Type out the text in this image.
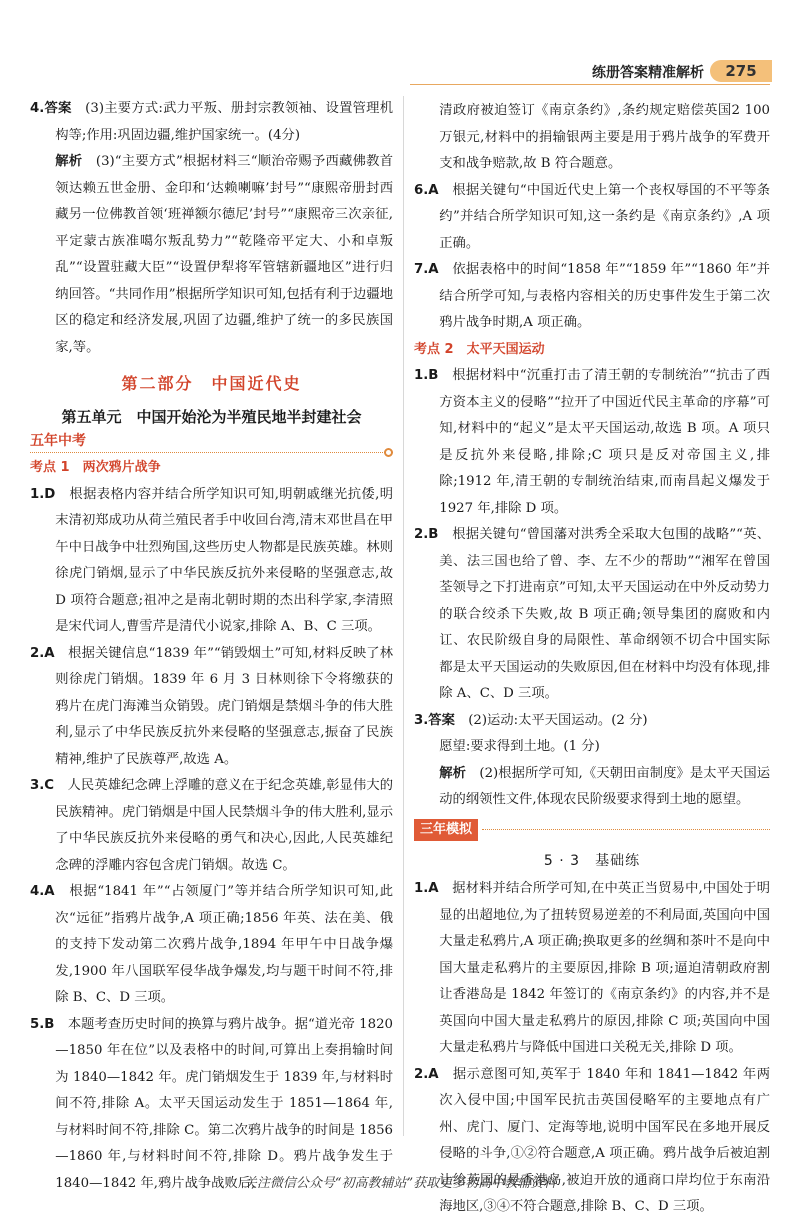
练册答案精准解析	275

4.答案　 (3)主要方式:武力平叛、册封宗教领袖、设置管理机构等;作用:巩固边疆,维护国家统一。(4分)

解析　 (3)“主要方式”根据材料三“顺治帝赐予西藏佛教首领达赖五世金册、金印和‘达赖喇嘛’封号”“康熙帝册封西藏另一位佛教首领‘班禅额尔德尼’封号”“康熙帝三次亲征,平定蒙古族准噶尔叛乱势力”“乾隆帝平定大、小和卓叛乱”“设置驻藏大臣”“设置伊犁将军管辖新疆地区”进行归纳回答。“共同作用”根据所学知识可知,包括有利于边疆地区的稳定和经济发展,巩固了边疆,维护了统一的多民族国家,等。

第二部分　中国近代史
第五单元　中国开始沦为半殖民地半封建社会
五年中考
考点 1　两次鸦片战争

1.D　 根据表格内容并结合所学知识可知,明朝戚继光抗倭,明末清初郑成功从荷兰殖民者手中收回台湾,清末邓世昌在甲午中日战争中壮烈殉国,这些历史人物都是民族英雄。林则徐虎门销烟,显示了中华民族反抗外来侵略的坚强意志,故 D 项符合题意;祖冲之是南北朝时期的杰出科学家,李清照是宋代词人,曹雪芹是清代小说家,排除 A、B、C 三项。

2.A　 根据关键信息“1839 年”“销毁烟土”可知,材料反映了林则徐虎门销烟。1839 年 6 月 3 日林则徐下令将缴获的鸦片在虎门海滩当众销毁。虎门销烟是禁烟斗争的伟大胜利,显示了中华民族反抗外来侵略的坚强意志,振奋了民族精神,维护了民族尊严,故选 A。

3.C　 人民英雄纪念碑上浮雕的意义在于纪念英雄,彰显伟大的民族精神。虎门销烟是中国人民禁烟斗争的伟大胜利,显示了中华民族反抗外来侵略的勇气和决心,因此,人民英雄纪念碑的浮雕内容包含虎门销烟。故选 C。

4.A　 根据“1841 年”“占领厦门”等并结合所学知识可知,此次“远征”指鸦片战争,A 项正确;1856 年英、法在美、俄的支持下发动第二次鸦片战争,1894 年甲午中日战争爆发,1900 年八国联军侵华战争爆发,均与题干时间不符,排除 B、C、D 三项。

5.B　 本题考查历史时间的换算与鸦片战争。据“道光帝 1820—1850 年在位”以及表格中的时间,可算出上奏捐输时间为 1840—1842 年。虎门销烟发生于 1839 年,与材料时间不符,排除 A。太平天国运动发生于 1851—1864 年,与材料时间不符,排除 C。第二次鸦片战争的时间是 1856—1860 年,与材料时间不符,排除 D。鸦片战争发生于 1840—1842 年,鸦片战争战败后,

清政府被迫签订《南京条约》,条约规定赔偿英国2 100 万银元,材料中的捐输银两主要是用于鸦片战争的军费开支和战争赔款,故 B 符合题意。

6.A　 根据关键句“中国近代史上第一个丧权辱国的不平等条约”并结合所学知识可知,这一条约是《南京条约》,A 项正确。

7.A　 依据表格中的时间“1858 年”“1859 年”“1860 年”并结合所学可知,与表格内容相关的历史事件发生于第二次鸦片战争时期,A 项正确。

考点 2　太平天国运动

1.B　 根据材料中“沉重打击了清王朝的专制统治”“抗击了西方资本主义的侵略”“拉开了中国近代民主革命的序幕”可知,材料中的“起义”是太平天国运动,故选 B 项。A 项只是反抗外来侵略,排除;C 项只是反对帝国主义,排除;1912 年,清王朝的专制统治结束,而南昌起义爆发于 1927 年,排除 D 项。

2.B　 根据关键句“曾国藩对洪秀全采取大包围的战略”“英、美、法三国也给了曾、李、左不少的帮助”“湘军在曾国荃领导之下打进南京”可知,太平天国运动在中外反动势力的联合绞杀下失败,故 B 项正确;领导集团的腐败和内讧、农民阶级自身的局限性、革命纲领不切合中国实际都是太平天国运动的失败原因,但在材料中均没有体现,排除 A、C、D 三项。

3.答案　 (2)运动:太平天国运动。(2 分)

愿望:要求得到土地。(1 分)

解析　 (2)根据所学可知,《天朝田亩制度》是太平天国运动的纲领性文件,体现农民阶级要求得到土地的愿望。

三年模拟
5 · 3　基础练

1.A　 据材料并结合所学可知,在中英正当贸易中,中国处于明显的出超地位,为了扭转贸易逆差的不利局面,英国向中国大量走私鸦片,A 项正确;换取更多的丝绸和茶叶不是向中国大量走私鸦片的主要原因,排除 B 项;逼迫清朝政府割让香港岛是 1842 年签订的《南京条约》的内容,并不是英国向中国大量走私鸦片的原因,排除 C 项;英国向中国大量走私鸦片与降低中国进口关税无关,排除 D 项。

2.A　 据示意图可知,英军于 1840 年和 1841—1842 年两次入侵中国;中国军民抗击英国侵略军的主要地点有广州、虎门、厦门、定海等地,说明中国军民在多地开展反侵略的斗争,①②符合题意,A 项正确。鸦片战争后被迫割让给英国的是香港岛,被迫开放的通商口岸均位于东南沿海地区,③④不符合题意,排除 B、C、D 三项。

关注微信公众号“初高教辅站”获取更多初高中教辅资料
